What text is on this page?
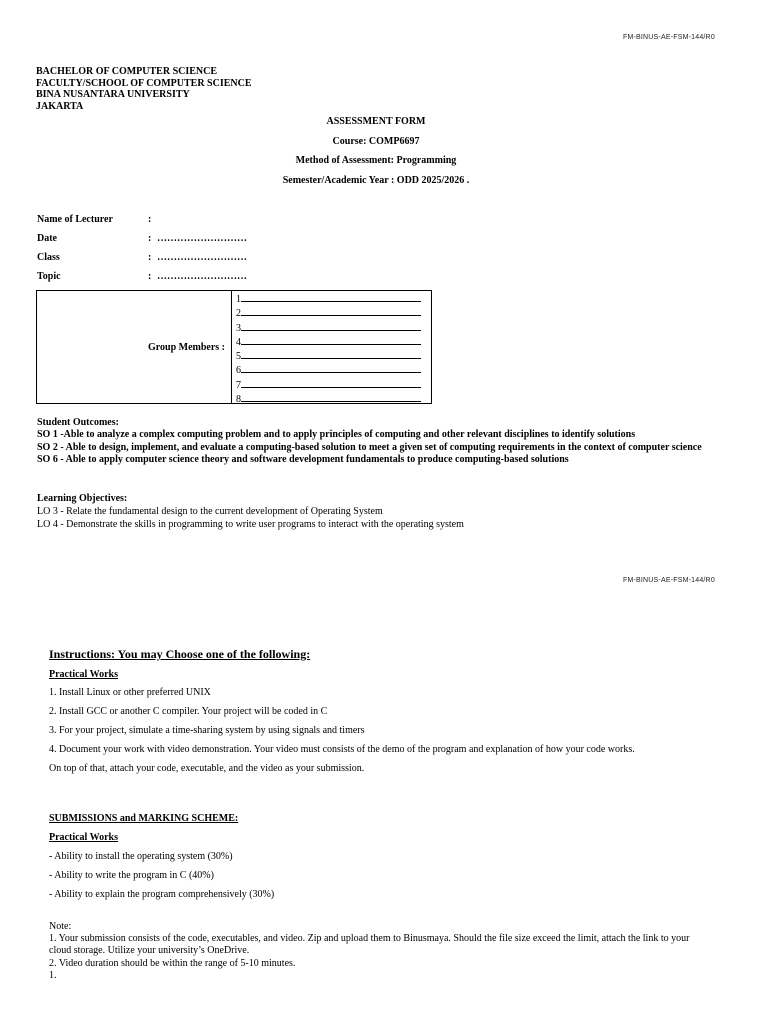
FM-BINUS-AE-FSM-144/R0
BACHELOR OF COMPUTER SCIENCE
FACULTY/SCHOOL OF COMPUTER SCIENCE
BINA NUSANTARA UNIVERSITY
JAKARTA
ASSESSMENT FORM
Course: COMP6697
Method of Assessment: Programming
Semester/Academic Year : ODD 2025/2026 .
Name of Lecturer	:
Date	: ………………………
Class	: ………………………
Topic	: ………………………
Group Members :
1
2
3
4
5
6
7
8
Student Outcomes:
SO 1 -Able to analyze a complex computing problem and to apply principles of computing and other relevant disciplines to identify solutions
SO 2 - Able to design, implement, and evaluate a computing-based solution to meet a given set of computing requirements in the context of computer science
SO 6 - Able to apply computer science theory and software development fundamentals to produce computing-based solutions
Learning Objectives:
LO 3 - Relate the fundamental design to the current development of Operating System
LO 4 - Demonstrate the skills in programming to write user programs to interact with the operating system
FM-BINUS-AE-FSM-144/R0
Instructions: You may Choose one of the following:
Practical Works
1. Install Linux or other preferred UNIX
2. Install GCC or another C compiler. Your project will be coded in C
3. For your project, simulate a time-sharing system by using signals and timers
4. Document your work with video demonstration. Your video must consists of the demo of the program and explanation of how your code works.
On top of that, attach your code, executable, and the video as your submission.
SUBMISSIONS and MARKING SCHEME:
Practical Works
- Ability to install the operating system (30%)
- Ability to write the program in C (40%)
- Ability to explain the program comprehensively (30%)
Note:
1. Your submission consists of the code, executables, and video. Zip and upload them to Binusmaya. Should the file size exceed the limit, attach the link to your cloud storage. Utilize your university’s OneDrive.
2. Video duration should be within the range of 5-10 minutes.
1.
